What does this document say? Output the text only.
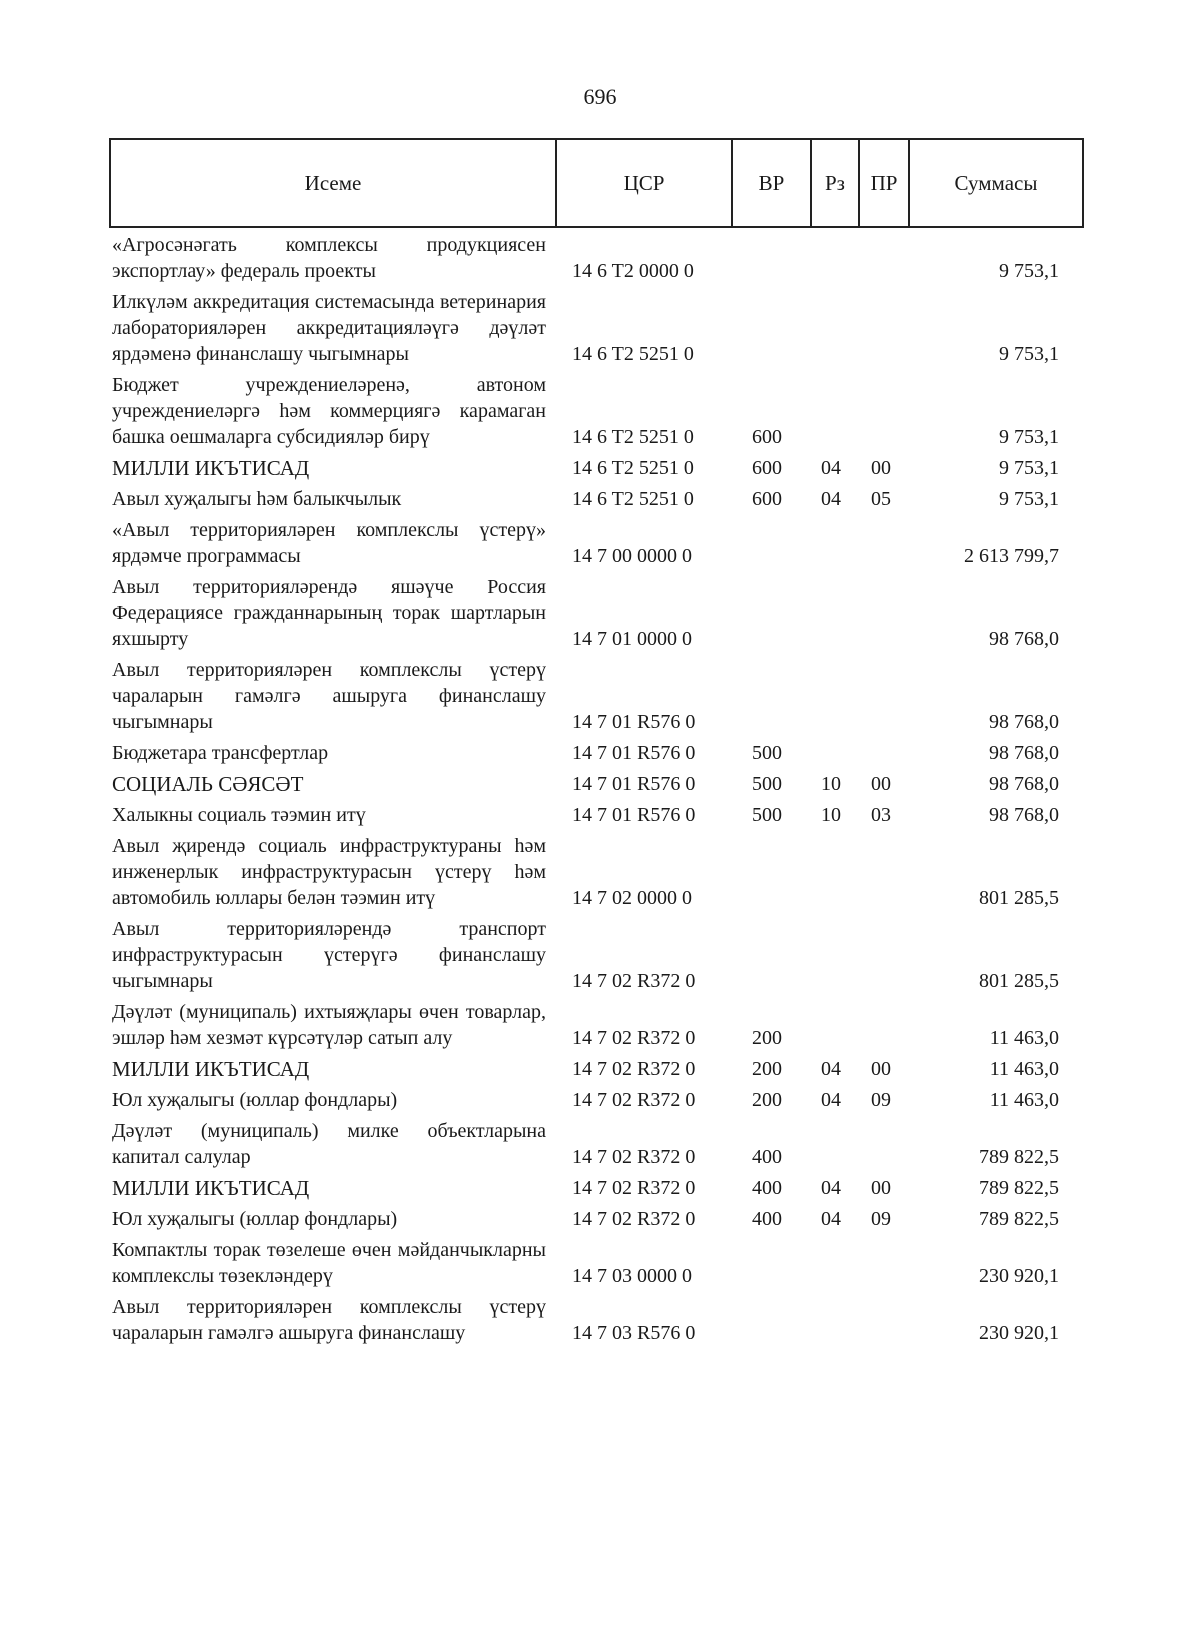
696
Исеме	ЦСР	ВР	Рз	ПР	Суммасы
«Агросәнәгать комплексы продукциясен экспортлау» федераль проекты	14 6 T2 0000 0				9 753,1
Илкүләм аккредитация системасында ветеринария лабораторияләрен аккредитацияләүгә дәүләт ярдәменә финанслашу чыгымнары	14 6 T2 5251 0				9 753,1
Бюджет учреждениеләренә, автоном учреждениеләргә һәм коммерциягә карамаган башка оешмаларга субсидияләр бирү	14 6 T2 5251 0	600			9 753,1
МИЛЛИ ИКЪТИСАД	14 6 T2 5251 0	600	04	00	9 753,1
Авыл хуҗалыгы һәм балыкчылык	14 6 T2 5251 0	600	04	05	9 753,1
«Авыл территорияләрен комплекслы үстерү» ярдәмче программасы	14 7 00 0000 0				2 613 799,7
Авыл территорияләрендә яшәүче Россия Федерациясе гражданнарының торак шартларын яхшырту	14 7 01 0000 0				98 768,0
Авыл территорияләрен комплекслы үстерү чараларын гамәлгә ашыруга финанслашу чыгымнары	14 7 01 R576 0				98 768,0
Бюджетара трансфертлар	14 7 01 R576 0	500			98 768,0
СОЦИАЛЬ СӘЯСӘТ	14 7 01 R576 0	500	10	00	98 768,0
Халыкны социаль тәэмин итү	14 7 01 R576 0	500	10	03	98 768,0
Авыл җирендә социаль инфраструктураны һәм инженерлык инфраструктурасын үстерү һәм автомобиль юллары белән тәэмин итү	14 7 02 0000 0				801 285,5
Авыл территорияләрендә транспорт инфраструктурасын үстерүгә финанслашу чыгымнары	14 7 02 R372 0				801 285,5
Дәүләт (муниципаль) ихтыяҗлары өчен товарлар, эшләр һәм хезмәт күрсәтүләр сатып алу	14 7 02 R372 0	200			11 463,0
МИЛЛИ ИКЪТИСАД	14 7 02 R372 0	200	04	00	11 463,0
Юл хуҗалыгы (юллар фондлары)	14 7 02 R372 0	200	04	09	11 463,0
Дәүләт (муниципаль) милке объектларына капитал салулар	14 7 02 R372 0	400			789 822,5
МИЛЛИ ИКЪТИСАД	14 7 02 R372 0	400	04	00	789 822,5
Юл хуҗалыгы (юллар фондлары)	14 7 02 R372 0	400	04	09	789 822,5
Компактлы торак төзелеше өчен мәйданчыкларны комплекслы төзекләндерү	14 7 03 0000 0				230 920,1
Авыл территорияләрен комплекслы үстерү чараларын гамәлгә ашыруга финанслашу	14 7 03 R576 0				230 920,1
